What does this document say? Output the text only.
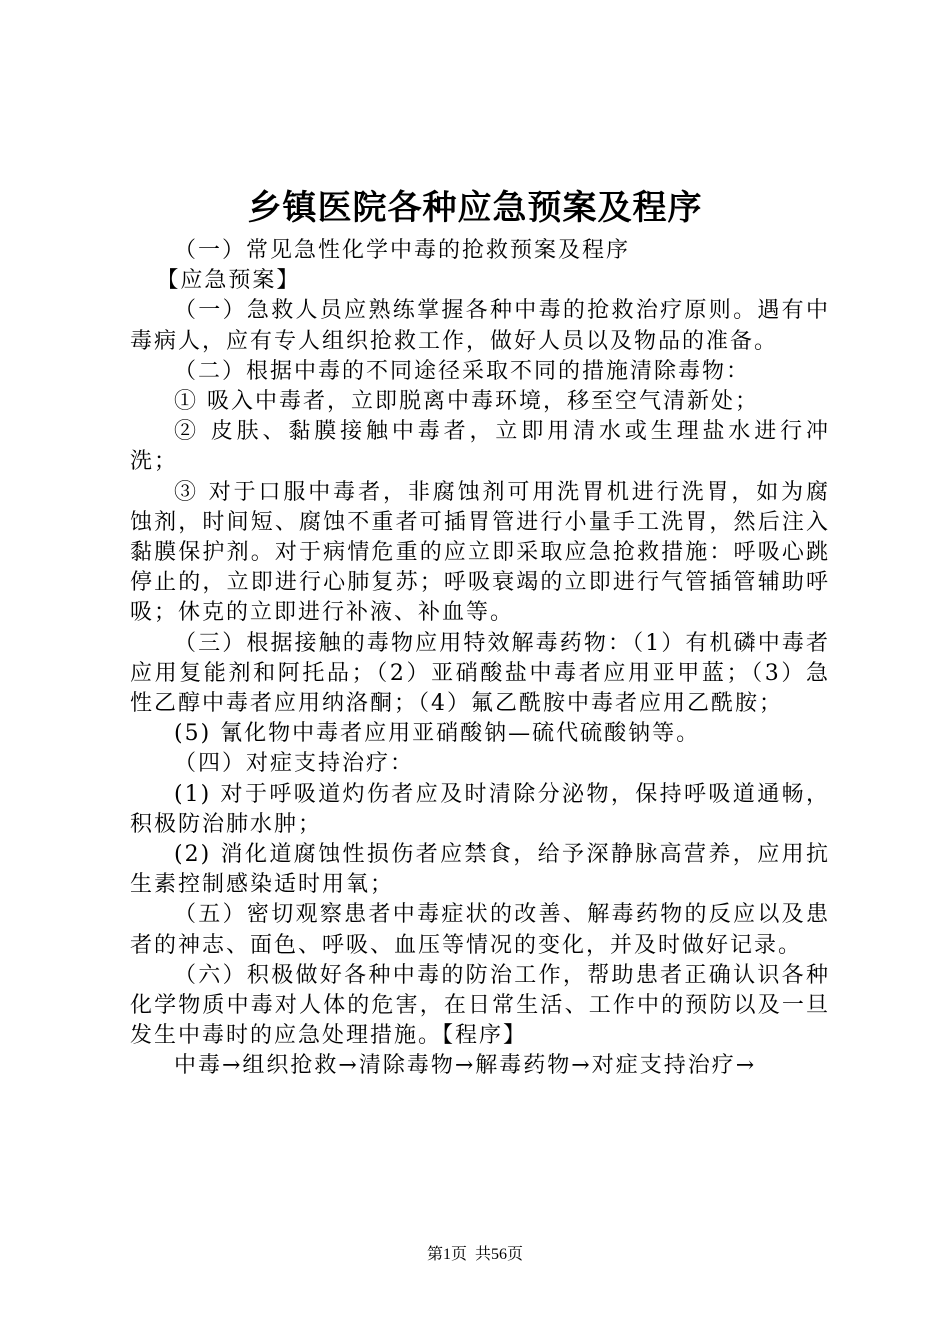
乡镇医院各种应急预案及程序

（一）常见急性化学中毒的抢救预案及程序

【应急预案】

（一）急救人员应熟练掌握各种中毒的抢救治疗原则。遇有中毒病人，应有专人组织抢救工作，做好人员以及物品的准备。

（二）根据中毒的不同途径采取不同的措施清除毒物：

① 吸入中毒者，立即脱离中毒环境，移至空气清新处；

② 皮肤、黏膜接触中毒者，立即用清水或生理盐水进行冲洗；

③ 对于口服中毒者，非腐蚀剂可用洗胃机进行洗胃，如为腐蚀剂，时间短、腐蚀不重者可插胃管进行小量手工洗胃，然后注入黏膜保护剂。对于病情危重的应立即采取应急抢救措施：呼吸心跳停止的，立即进行心肺复苏；呼吸衰竭的立即进行气管插管辅助呼吸；休克的立即进行补液、补血等。

（三）根据接触的毒物应用特效解毒药物：（1）有机磷中毒者应用复能剂和阿托品；（2）亚硝酸盐中毒者应用亚甲蓝；（3）急性乙醇中毒者应用纳洛酮；（4）氟乙酰胺中毒者应用乙酰胺；

(5) 氰化物中毒者应用亚硝酸钠—硫代硫酸钠等。

（四）对症支持治疗：

(1) 对于呼吸道灼伤者应及时清除分泌物，保持呼吸道通畅，积极防治肺水肿；

(2) 消化道腐蚀性损伤者应禁食，给予深静脉高营养，应用抗生素控制感染适时用氧；

（五）密切观察患者中毒症状的改善、解毒药物的反应以及患者的神志、面色、呼吸、血压等情况的变化，并及时做好记录。

（六）积极做好各种中毒的防治工作，帮助患者正确认识各种化学物质中毒对人体的危害，在日常生活、工作中的预防以及一旦发生中毒时的应急处理措施。【程序】

中毒→组织抢救→清除毒物→解毒药物→对症支持治疗→

第1页  共56页
